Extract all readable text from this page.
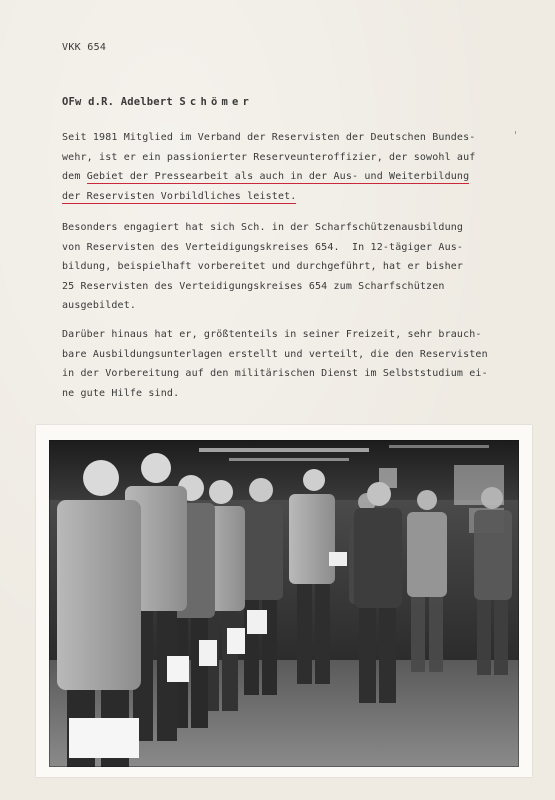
VKK 654
OFw d.R. Adelbert Schömer
Seit 1981 Mitglied im Verband der Reservisten der Deutschen Bundes-
wehr, ist er ein passionierter Reserveunteroffizier, der sowohl auf
dem Gebiet der Pressearbeit als auch in der Aus- und Weiterbildung
der Reservisten Vorbildliches leistet.
Besonders engagiert hat sich Sch. in der Scharfschützenausbildung
von Reservisten des Verteidigungskreises 654.  In 12-tägiger Aus-
bildung, beispielhaft vorbereitet und durchgeführt, hat er bisher
25 Reservisten des Verteidigungskreises 654 zum Scharfschützen
ausgebildet.
Darüber hinaus hat er, größtenteils in seiner Freizeit, sehr brauch-
bare Ausbildungsunterlagen erstellt und verteilt, die den Reservisten
in der Vorbereitung auf den militärischen Dienst im Selbststudium ei-
ne gute Hilfe sind.
